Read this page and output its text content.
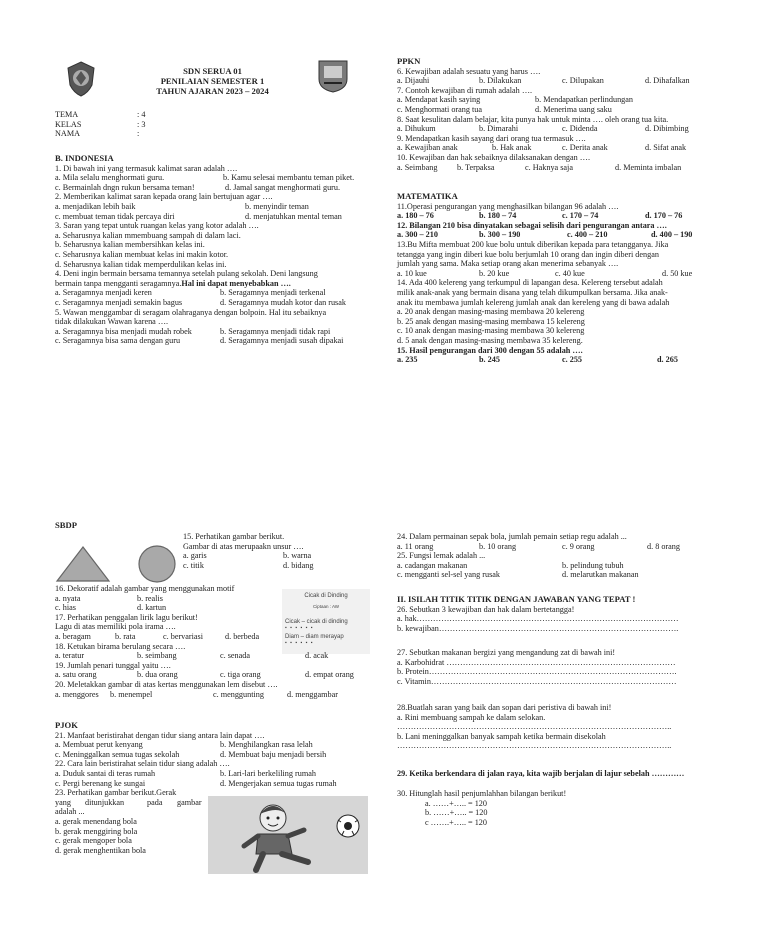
SDN SERUA 01
PENILAIAN SEMESTER 1
TAHUN AJARAN 2023 – 2024
TEMA	: 4
KELAS	: 3
NAMA	:
B. INDONESIA
1. Di bawah ini yang termasuk kalimat saran adalah ….
a. Mila selalu menghormati guru.	b. Kamu selesai membantu teman piket.
c. Bermainlah dngn rukun bersama teman!	d. Jamal sangat menghormati guru.
2. Memberikan kalimat saran kepada orang lain bertujuan agar ….
a. menjadikan lebih baik	b. menyindir teman
c. membuat teman tidak percaya diri	d. menjatuhkan mental teman
3. Saran yang tepat untuk ruangan kelas yang kotor adalah ….
a. Seharusnya kalian mmembuang sampah di dalam laci.
b. Seharusnya kalian membersihkan kelas ini.
c. Seharusnya kalian membuat kelas ini makin kotor.
d. Seharusnya kalian tidak memperdulikan kelas ini.
4. Deni ingin bermain bersama temannya setelah pulang sekolah. Deni langsung
bermain tanpa mengganti seragamnya.Hal ini dapat menyebabkan ….
a. Seragamnya menjadi keren	b. Seragamnya menjadi terkenal
c. Seragamnya menjadi semakin bagus	d. Seragamnya mudah kotor dan rusak
5. Wawan menggambar di seragam olahraganya dengan bolpoin. Hal itu sebaiknya
tidak dilakukan Wawan karena ….
a. Seragamnya bisa menjadi mudah robek	b. Seragamnya menjadi tidak rapi
c. Seragamnya bisa sama dengan guru	d. Seragamnya menjadi susah dipakai
PPKN
6. Kewajiban adalah sesuatu yang harus ….
a. Dijauhi	b. Dilakukan	c. Dilupakan	d. Dihafalkan
7. Contoh kewajiban di rumah adalah ….
a. Mendapat kasih saying	b. Mendapatkan perlindungan
c. Menghormati orang tua	d. Menerima uang saku
8. Saat kesulitan dalam belajar, kita punya hak untuk minta …. oleh orang tua kita.
a. Dihukum	b. Dimarahi	c. Didenda	d. Dibimbing
9. Mendapatkan kasih sayang dari orang tua termasuk ….
a. Kewajiban anak	b. Hak anak	c. Derita anak	d. Sifat anak
10. Kewajiban dan hak sebaiknya dilaksanakan dengan ….
a. Seimbang b. Terpaksa	c. Haknya saja	d. Meminta imbalan
MATEMATIKA
11.Operasi pengurangan yang menghasilkan bilangan 96 adalah ….
a. 180 – 76	b. 180 – 74	c. 170 – 74	d. 170 – 76
12. Bilangan 210 bisa dinyatakan sebagai selisih dari pengurangan antara ….
a. 300 – 210	b. 300 – 190	c. 400 – 210	d. 400 – 190
13.Bu Mifta membuat 200 kue bolu untuk diberikan kepada para tetangganya. Jika
tetangga yang ingin diberi kue bolu berjumlah 10 orang dan ingin diberi dengan
jumlah yang sama. Maka setiap orang akan menerima sebanyak ….
a. 10 kue	b. 20 kue	c. 40 kue	d. 50 kue
14. Ada 400 kelereng yang terkumpul di lapangan desa. Kelereng tersebut adalah
milik anak-anak yang bermain disana yang telah dikumpulkan bersama. Jika anak-
anak itu membawa jumlah kelereng jumlah anak dan kereleng yang di bawa adalah
a. 20 anak dengan masing-masing membawa 20 kelereng
b. 25 anak dengan masing-masing membawa 15 kelereng
c. 10 anak dengan masing-masing membawa 30 kelereng
d. 5 anak dengan masing-masing membawa 35 kelereng.
15. Hasil pengurangan dari 300 dengan 55 adalah ….
a. 235	b. 245	c. 255	d. 265
SBDP
15. Perhatikan gambar berikut.
Gambar di atas merupaakn unsur ….
a. garis	b. warna
c. titik	d. bidang
Cicak di Dinding
Ciptaan : AW
Cicak – cicak di dinding
▪ ▪ ▪ ▪ ▪ ▪
Diam – diam merayap
▪ ▪ ▪ ▪ ▪ ▪
16. Dekoratif adalah gambar yang menggunakan motif
a. nyata	b. realis
c. hias	d. kartun
17. Perhatikan penggalan lirik lagu berikut!
Lagu di atas memiliki pola irama ….
a. beragam	b. rata	c. bervariasi	d. berbeda
18. Ketukan birama berulang secara ….
a. teratur	b. seimbang	c. senada	d. acak
19. Jumlah penari tunggal yaitu ….
a. satu orang	b. dua orang	c. tiga orang	d. empat orang
20. Meletakkan gambar di atas kertas menggunakan lem disebut ….
a. menggores b. menempel	c. menggunting	d. menggambar
PJOK
21. Manfaat beristirahat dengan tidur siang antara lain dapat ….
a. Membuat perut kenyang	b. Menghilangkan rasa lelah
c. Meninggalkan semua tugas sekolah	d. Membuat baju menjadi bersih
22. Cara lain beristirahat selain tidur siang adalah ….
a. Duduk santai di teras rumah	b. Lari-lari berkeliling rumah
c. Pergi berenang ke sungai	d. Mengerjakan semua tugas rumah
23. Perhatikan gambar berikut.Gerak
yang ditunjukkan	pada gambar
adalah ...
a. gerak menendang bola
b. gerak menggiring bola
c. gerak mengoper bola
d. gerak menghentikan bola
24. Dalam permainan sepak bola, jumlah pemain setiap regu adalah ...
a. 11 orang	b. 10 orang	c. 9 orang	d. 8 orang
25. Fungsi lemak adalah ...
a. cadangan makanan	b. pelindung tubuh
c. mengganti sel-sel yang rusak	d. melarutkan makanan
II. ISILAH TITIK TITIK DENGAN JAWABAN YANG TEPAT !
26. Sebutkan 3 kewajiban dan hak dalam bertetangga!
a. hak……………………………………………………………………………………
b. kewajiban…………………………………………………………………………….
27. Sebutkan makanan bergizi yang mengandung zat di bawah ini!
a. Karbohidrat …………………………………………………………………………
b. Protein……………………………………………………………………………….
c. Vitamin………………………………………………………………………………
28.Buatlah saran yang baik dan sopan dari peristiva di bawah ini!
a. Rini membuang sampah ke dalam selokan.
………………………………………………………………………………………..
b. Lani meninggalkan banyak sampah ketika bermain disekolah
………………………………………………………………………………………..
29. Ketika berkendara di jalan raya, kita wajib berjalan di lajur sebelah …………
30. Hitunglah hasil penjumlahhan bilangan berikut!
a. ……+….. = 120
b. ……+….. = 120
c …….+….. = 120
